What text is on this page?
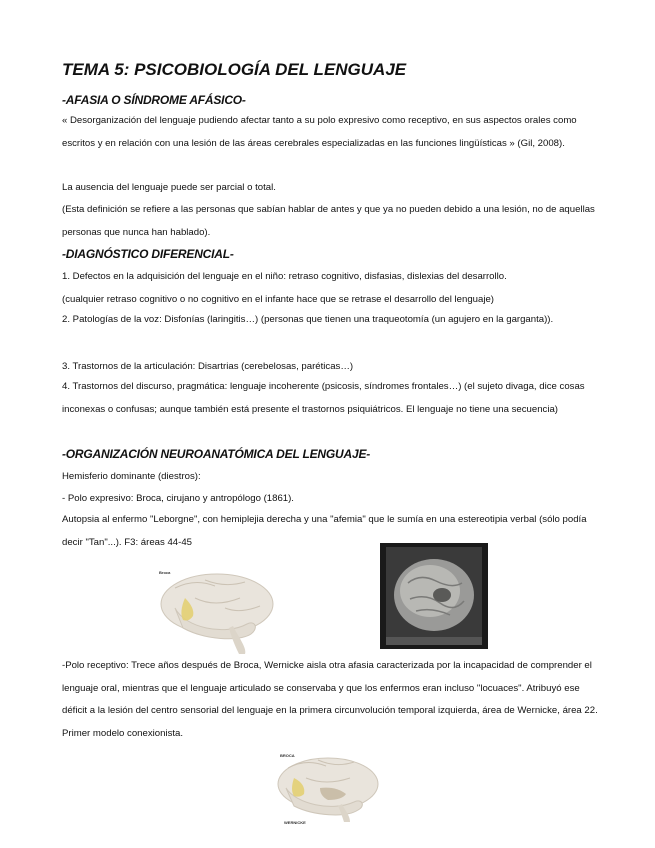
TEMA 5: PSICOBIOLOGÍA DEL LENGUAJE
-AFASIA O SÍNDROME AFÁSICO-

« Desorganización del lenguaje pudiendo afectar tanto a su polo expresivo como receptivo, en sus aspectos orales como escritos y en relación con una lesión de las áreas cerebrales especializadas en las funciones lingüísticas » (Gil, 2008).

La ausencia del lenguaje puede ser parcial o total.

(Esta definición se refiere a las personas que sabían hablar de antes y que ya no pueden debido a una lesión, no de aquellas personas que nunca han hablado).

-DIAGNÓSTICO DIFERENCIAL-

1. Defectos en la adquisición del lenguaje en el niño: retraso cognitivo, disfasias, dislexias del desarrollo.

(cualquier retraso cognitivo o no cognitivo en el infante hace que se retrase el desarrollo del lenguaje)

2. Patologías de la voz: Disfonías (laringitis…) (personas que tienen una traqueotomía (un agujero en la garganta)).

3. Trastornos de la articulación: Disartrias (cerebelosas, paréticas…)

4. Trastornos del discurso, pragmática: lenguaje incoherente (psicosis, síndromes frontales…) (el sujeto divaga, dice cosas inconexas o confusas; aunque también está presente el trastornos psiquiátricos. El lenguaje no tiene una secuencia)

-ORGANIZACIÓN NEUROANATÓMICA DEL LENGUAJE-

Hemisferio dominante (diestros):

- Polo expresivo: Broca, cirujano y antropólogo (1861).

Autopsia al enfermo "Leborgne", con hemiplejia derecha y una "afemia" que le sumía en una estereotipia verbal (sólo podía decir "Tan"...). F3: áreas 44-45

Broca

-Polo receptivo: Trece años después de Broca, Wernicke aisla otra afasia caracterizada por la incapacidad de comprender el lenguaje oral, mientras que el lenguaje articulado se conservaba y que los enfermos eran incluso "locuaces". Atribuyó ese déficit a la lesión del centro sensorial del lenguaje en la primera circunvolución temporal izquierda, área de Wernicke, área 22. Primer modelo conexionista.

BROCA
WERNICKE
